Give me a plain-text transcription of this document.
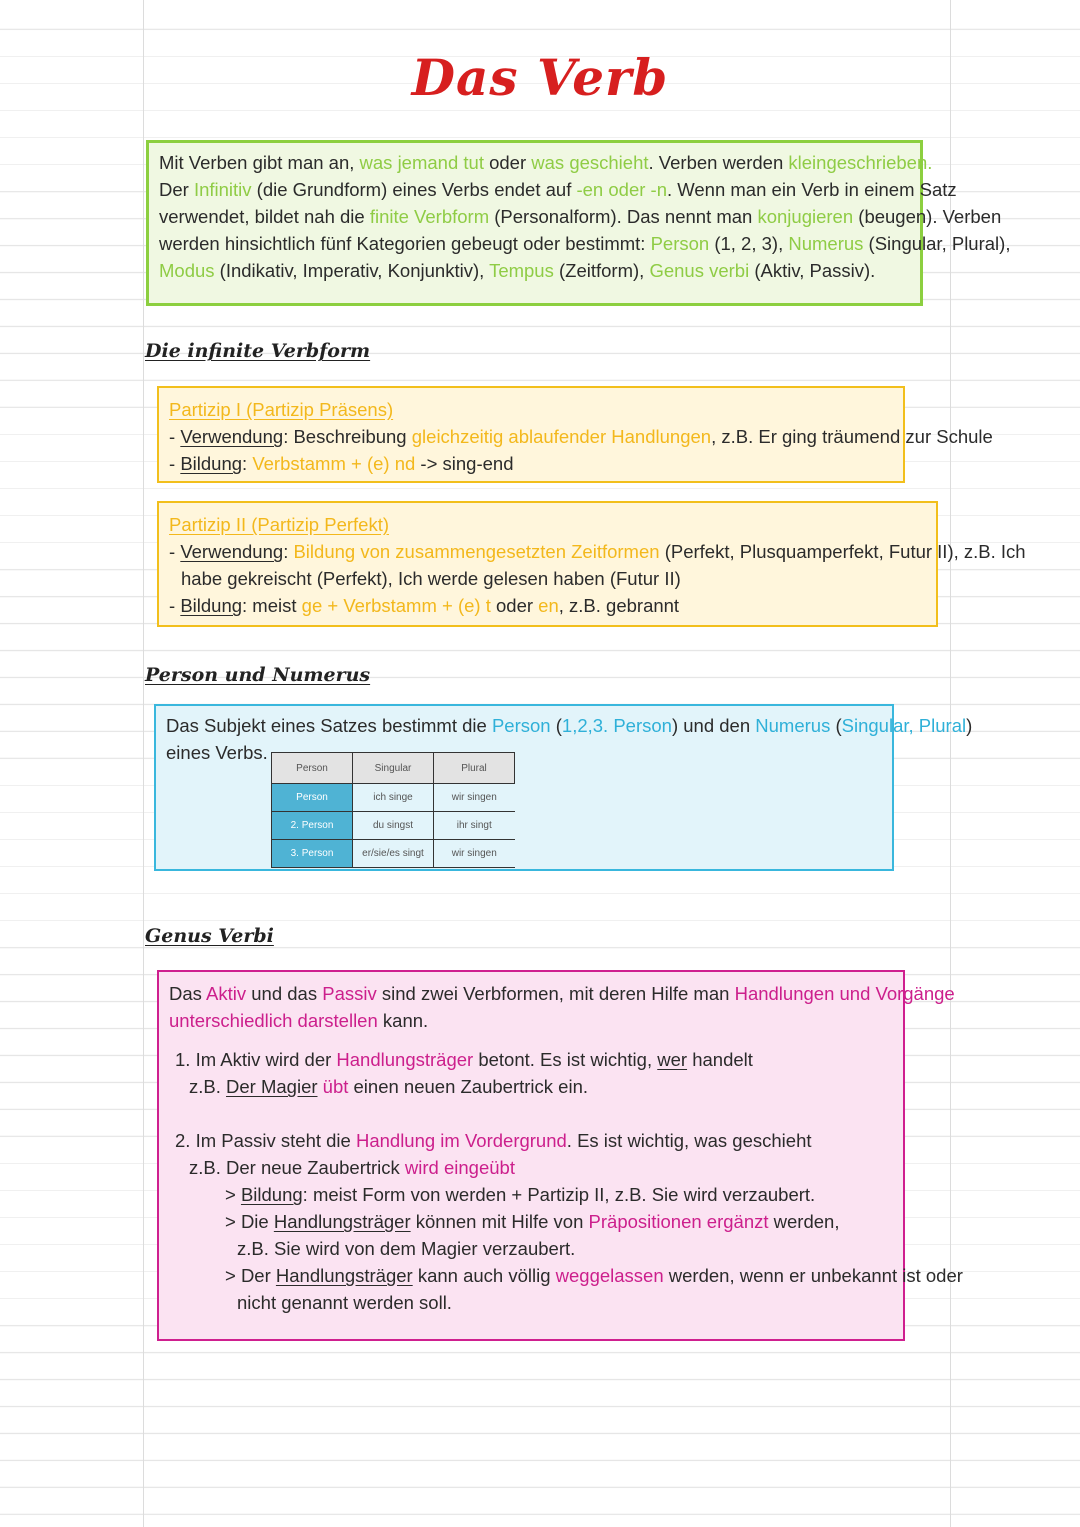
Das Verb
Mit Verben gibt man an, was jemand tut oder was geschieht. Verben werden kleingeschrieben.
Der Infinitiv (die Grundform) eines Verbs endet auf -en oder -n. Wenn man ein Verb in einem Satz
verwendet, bildet nah die finite Verbform (Personalform). Das nennt man konjugieren (beugen). Verben
werden hinsichtlich fünf Kategorien gebeugt oder bestimmt: Person (1, 2, 3), Numerus (Singular, Plural),
Modus (Indikativ, Imperativ, Konjunktiv), Tempus (Zeitform), Genus verbi (Aktiv, Passiv).
Die infinite Verbform
Partizip I (Partizip Präsens)
- Verwendung: Beschreibung gleichzeitig ablaufender Handlungen, z.B. Er ging träumend zur Schule
- Bildung: Verbstamm + (e) nd -> sing-end
Partizip II (Partizip Perfekt)
- Verwendung: Bildung von zusammengesetzten Zeitformen (Perfekt, Plusquamperfekt, Futur II), z.B. Ich
habe gekreischt (Perfekt), Ich werde gelesen haben (Futur II)
- Bildung: meist ge + Verbstamm + (e) t oder en, z.B. gebrannt
Person und Numerus
Das Subjekt eines Satzes bestimmt die Person (1,2,3. Person) und den Numerus (Singular, Plural)
eines Verbs.
Person	Singular	Plural
Person	ich singe	wir singen
2. Person	du singst	ihr singt
3. Person	er/sie/es singt	wir singen
Genus Verbi
Das Aktiv und das Passiv sind zwei Verbformen, mit deren Hilfe man Handlungen und Vorgänge
unterschiedlich darstellen kann.
1. Im Aktiv wird der Handlungsträger betont. Es ist wichtig, wer handelt
z.B. Der Magier übt einen neuen Zaubertrick ein.
2. Im Passiv steht die Handlung im Vordergrund. Es ist wichtig, was geschieht
z.B. Der neue Zaubertrick wird eingeübt
> Bildung: meist Form von werden + Partizip II, z.B. Sie wird verzaubert.
> Die Handlungsträger können mit Hilfe von Präpositionen ergänzt werden,
z.B. Sie wird von dem Magier verzaubert.
> Der Handlungsträger kann auch völlig weggelassen werden, wenn er unbekannt ist oder
nicht genannt werden soll.
